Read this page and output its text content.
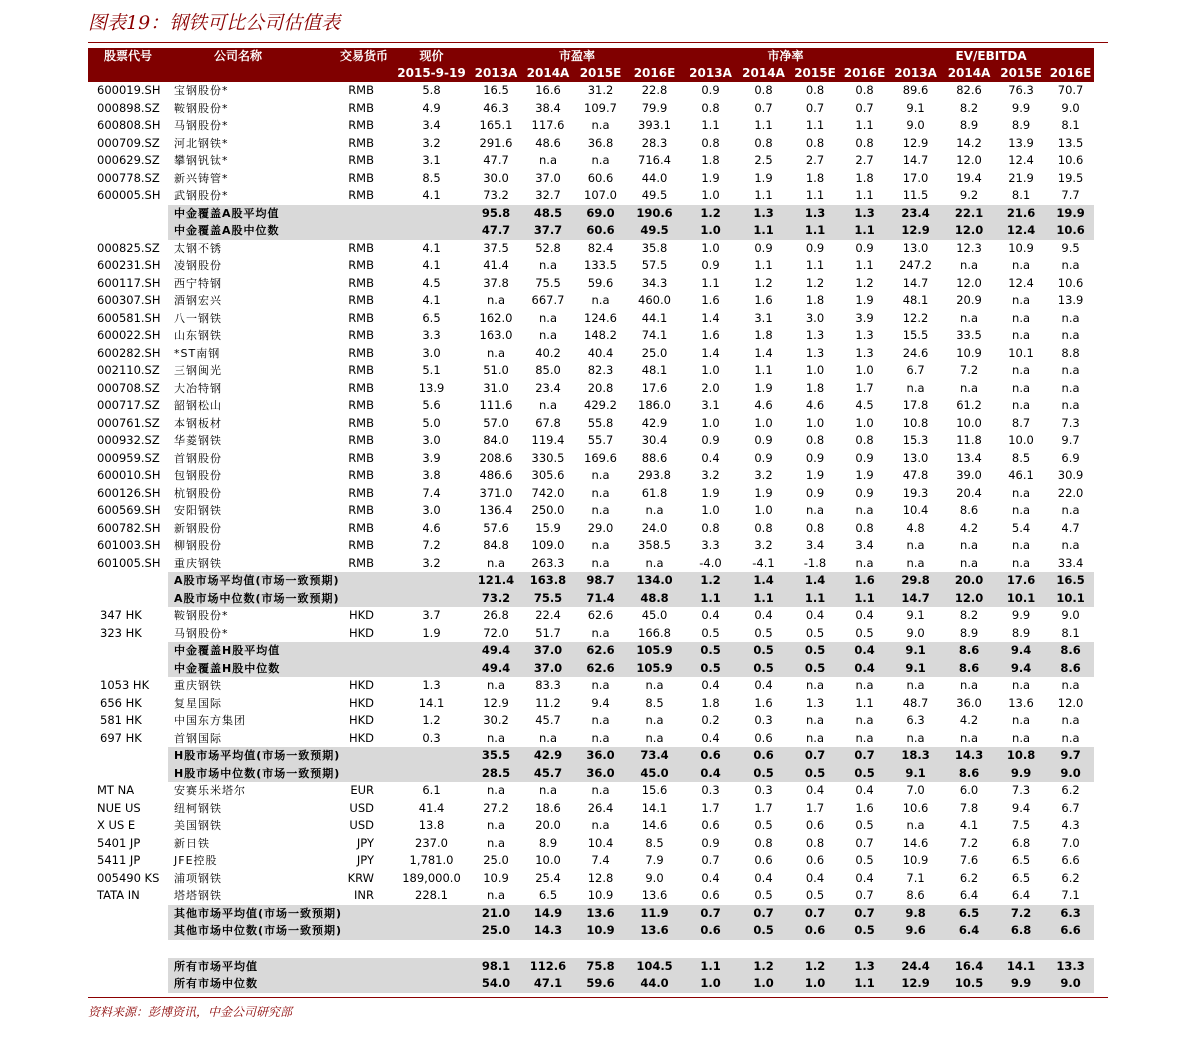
图表19：钢铁可比公司估值表
股票代号	公司名称	交易货币	现价	市盈率				市净率				EV/EBITDA			
			2015-9-19	2013A	2014A	2015E	2016E	2013A	2014A	2015E	2016E	2013A	2014A	2015E	2016E
600019.SH	宝钢股份*	RMB	5.8	16.5	16.6	31.2	22.8	0.9	0.8	0.8	0.8	89.6	82.6	76.3	70.7
000898.SZ	鞍钢股份*	RMB	4.9	46.3	38.4	109.7	79.9	0.8	0.7	0.7	0.7	9.1	8.2	9.9	9.0
600808.SH	马钢股份*	RMB	3.4	165.1	117.6	n.a	393.1	1.1	1.1	1.1	1.1	9.0	8.9	8.9	8.1
000709.SZ	河北钢铁*	RMB	3.2	291.6	48.6	36.8	28.3	0.8	0.8	0.8	0.8	12.9	14.2	13.9	13.5
000629.SZ	攀钢钒钛*	RMB	3.1	47.7	n.a	n.a	716.4	1.8	2.5	2.7	2.7	14.7	12.0	12.4	10.6
000778.SZ	新兴铸管*	RMB	8.5	30.0	37.0	60.6	44.0	1.9	1.9	1.8	1.8	17.0	19.4	21.9	19.5
600005.SH	武钢股份*	RMB	4.1	73.2	32.7	107.0	49.5	1.0	1.1	1.1	1.1	11.5	9.2	8.1	7.7
	中金覆盖A股平均值			95.8	48.5	69.0	190.6	1.2	1.3	1.3	1.3	23.4	22.1	21.6	19.9
	中金覆盖A股中位数			47.7	37.7	60.6	49.5	1.0	1.1	1.1	1.1	12.9	12.0	12.4	10.6
000825.SZ	太钢不锈	RMB	4.1	37.5	52.8	82.4	35.8	1.0	0.9	0.9	0.9	13.0	12.3	10.9	9.5
600231.SH	凌钢股份	RMB	4.1	41.4	n.a	133.5	57.5	0.9	1.1	1.1	1.1	247.2	n.a	n.a	n.a
600117.SH	西宁特钢	RMB	4.5	37.8	75.5	59.6	34.3	1.1	1.2	1.2	1.2	14.7	12.0	12.4	10.6
600307.SH	酒钢宏兴	RMB	4.1	n.a	667.7	n.a	460.0	1.6	1.6	1.8	1.9	48.1	20.9	n.a	13.9
600581.SH	八一钢铁	RMB	6.5	162.0	n.a	124.6	44.1	1.4	3.1	3.0	3.9	12.2	n.a	n.a	n.a
600022.SH	山东钢铁	RMB	3.3	163.0	n.a	148.2	74.1	1.6	1.8	1.3	1.3	15.5	33.5	n.a	n.a
600282.SH	*ST南钢	RMB	3.0	n.a	40.2	40.4	25.0	1.4	1.4	1.3	1.3	24.6	10.9	10.1	8.8
002110.SZ	三钢闽光	RMB	5.1	51.0	85.0	82.3	48.1	1.0	1.1	1.0	1.0	6.7	7.2	n.a	n.a
000708.SZ	大冶特钢	RMB	13.9	31.0	23.4	20.8	17.6	2.0	1.9	1.8	1.7	n.a	n.a	n.a	n.a
000717.SZ	韶钢松山	RMB	5.6	111.6	n.a	429.2	186.0	3.1	4.6	4.6	4.5	17.8	61.2	n.a	n.a
000761.SZ	本钢板材	RMB	5.0	57.0	67.8	55.8	42.9	1.0	1.0	1.0	1.0	10.8	10.0	8.7	7.3
000932.SZ	华菱钢铁	RMB	3.0	84.0	119.4	55.7	30.4	0.9	0.9	0.8	0.8	15.3	11.8	10.0	9.7
000959.SZ	首钢股份	RMB	3.9	208.6	330.5	169.6	88.6	0.4	0.9	0.9	0.9	13.0	13.4	8.5	6.9
600010.SH	包钢股份	RMB	3.8	486.6	305.6	n.a	293.8	3.2	3.2	1.9	1.9	47.8	39.0	46.1	30.9
600126.SH	杭钢股份	RMB	7.4	371.0	742.0	n.a	61.8	1.9	1.9	0.9	0.9	19.3	20.4	n.a	22.0
600569.SH	安阳钢铁	RMB	3.0	136.4	250.0	n.a	n.a	1.0	1.0	n.a	n.a	10.4	8.6	n.a	n.a
600782.SH	新钢股份	RMB	4.6	57.6	15.9	29.0	24.0	0.8	0.8	0.8	0.8	4.8	4.2	5.4	4.7
601003.SH	柳钢股份	RMB	7.2	84.8	109.0	n.a	358.5	3.3	3.2	3.4	3.4	n.a	n.a	n.a	n.a
601005.SH	重庆钢铁	RMB	3.2	n.a	263.3	n.a	n.a	-4.0	-4.1	-1.8	n.a	n.a	n.a	n.a	33.4
	A股市场平均值(市场一致预期)			121.4	163.8	98.7	134.0	1.2	1.4	1.4	1.6	29.8	20.0	17.6	16.5
	A股市场中位数(市场一致预期)			73.2	75.5	71.4	48.8	1.1	1.1	1.1	1.1	14.7	12.0	10.1	10.1
347 HK	鞍钢股份*	HKD	3.7	26.8	22.4	62.6	45.0	0.4	0.4	0.4	0.4	9.1	8.2	9.9	9.0
323 HK	马钢股份*	HKD	1.9	72.0	51.7	n.a	166.8	0.5	0.5	0.5	0.5	9.0	8.9	8.9	8.1
	中金覆盖H股平均值			49.4	37.0	62.6	105.9	0.5	0.5	0.5	0.4	9.1	8.6	9.4	8.6
	中金覆盖H股中位数			49.4	37.0	62.6	105.9	0.5	0.5	0.5	0.4	9.1	8.6	9.4	8.6
1053 HK	重庆钢铁	HKD	1.3	n.a	83.3	n.a	n.a	0.4	0.4	n.a	n.a	n.a	n.a	n.a	n.a
656 HK	复星国际	HKD	14.1	12.9	11.2	9.4	8.5	1.8	1.6	1.3	1.1	48.7	36.0	13.6	12.0
581 HK	中国东方集团	HKD	1.2	30.2	45.7	n.a	n.a	0.2	0.3	n.a	n.a	6.3	4.2	n.a	n.a
697 HK	首钢国际	HKD	0.3	n.a	n.a	n.a	n.a	0.4	0.6	n.a	n.a	n.a	n.a	n.a	n.a
	H股市场平均值(市场一致预期)			35.5	42.9	36.0	73.4	0.6	0.6	0.7	0.7	18.3	14.3	10.8	9.7
	H股市场中位数(市场一致预期)			28.5	45.7	36.0	45.0	0.4	0.5	0.5	0.5	9.1	8.6	9.9	9.0
MT NA	安赛乐米塔尔	EUR	6.1	n.a	n.a	n.a	15.6	0.3	0.3	0.4	0.4	7.0	6.0	7.3	6.2
NUE US	纽柯钢铁	USD	41.4	27.2	18.6	26.4	14.1	1.7	1.7	1.7	1.6	10.6	7.8	9.4	6.7
X US E	美国钢铁	USD	13.8	n.a	20.0	n.a	14.6	0.6	0.5	0.6	0.5	n.a	4.1	7.5	4.3
5401 JP	新日铁	JPY	237.0	n.a	8.9	10.4	8.5	0.9	0.8	0.8	0.7	14.6	7.2	6.8	7.0
5411 JP	JFE控股	JPY	1,781.0	25.0	10.0	7.4	7.9	0.7	0.6	0.6	0.5	10.9	7.6	6.5	6.6
005490 KS	浦项钢铁	KRW	189,000.0	10.9	25.4	12.8	9.0	0.4	0.4	0.4	0.4	7.1	6.2	6.5	6.2
TATA IN	塔塔钢铁	INR	228.1	n.a	6.5	10.9	13.6	0.6	0.5	0.5	0.7	8.6	6.4	6.4	7.1
	其他市场平均值(市场一致预期)			21.0	14.9	13.6	11.9	0.7	0.7	0.7	0.7	9.8	6.5	7.2	6.3
	其他市场中位数(市场一致预期)			25.0	14.3	10.9	13.6	0.6	0.5	0.6	0.5	9.6	6.4	6.8	6.6

	所有市场平均值			98.1	112.6	75.8	104.5	1.1	1.2	1.2	1.3	24.4	16.4	14.1	13.3
	所有市场中位数			54.0	47.1	59.6	44.0	1.0	1.0	1.0	1.1	12.9	10.5	9.9	9.0
资料来源：彭博资讯，中金公司研究部
